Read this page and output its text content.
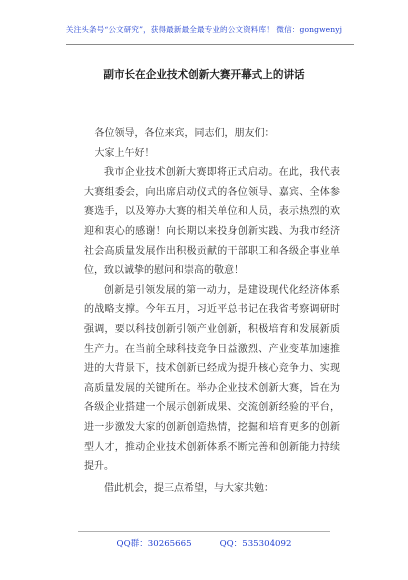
关注头条号“公文研究”，获得最新最全最专业的公文资料库！ 微信：gongwenyj
副市长在企业技术创新大赛开幕式上的讲话

各位领导，各位来宾，同志们，朋友们：

大家上午好！

我市企业技术创新大赛即将正式启动。在此，我代表大赛组委会，向出席启动仪式的各位领导、嘉宾、全体参赛选手，以及筹办大赛的相关单位和人员，表示热烈的欢迎和衷心的感谢！向长期以来投身创新实践、为我市经济社会高质量发展作出积极贡献的干部职工和各级企事业单位，致以诚挚的慰问和崇高的敬意！

创新是引领发展的第一动力，是建设现代化经济体系的战略支撑。今年五月，习近平总书记在我省考察调研时强调，要以科技创新引领产业创新，积极培育和发展新质生产力。在当前全球科技竞争日益激烈、产业变革加速推进的大背景下，技术创新已经成为提升核心竞争力、实现高质量发展的关键所在。举办企业技术创新大赛，旨在为各级企业搭建一个展示创新成果、交流创新经验的平台，进一步激发大家的创新创造热情，挖掘和培育更多的创新型人才，推动企业技术创新体系不断完善和创新能力持续提升。

借此机会，提三点希望，与大家共勉：

QQ群：30265665	QQ：535304092
